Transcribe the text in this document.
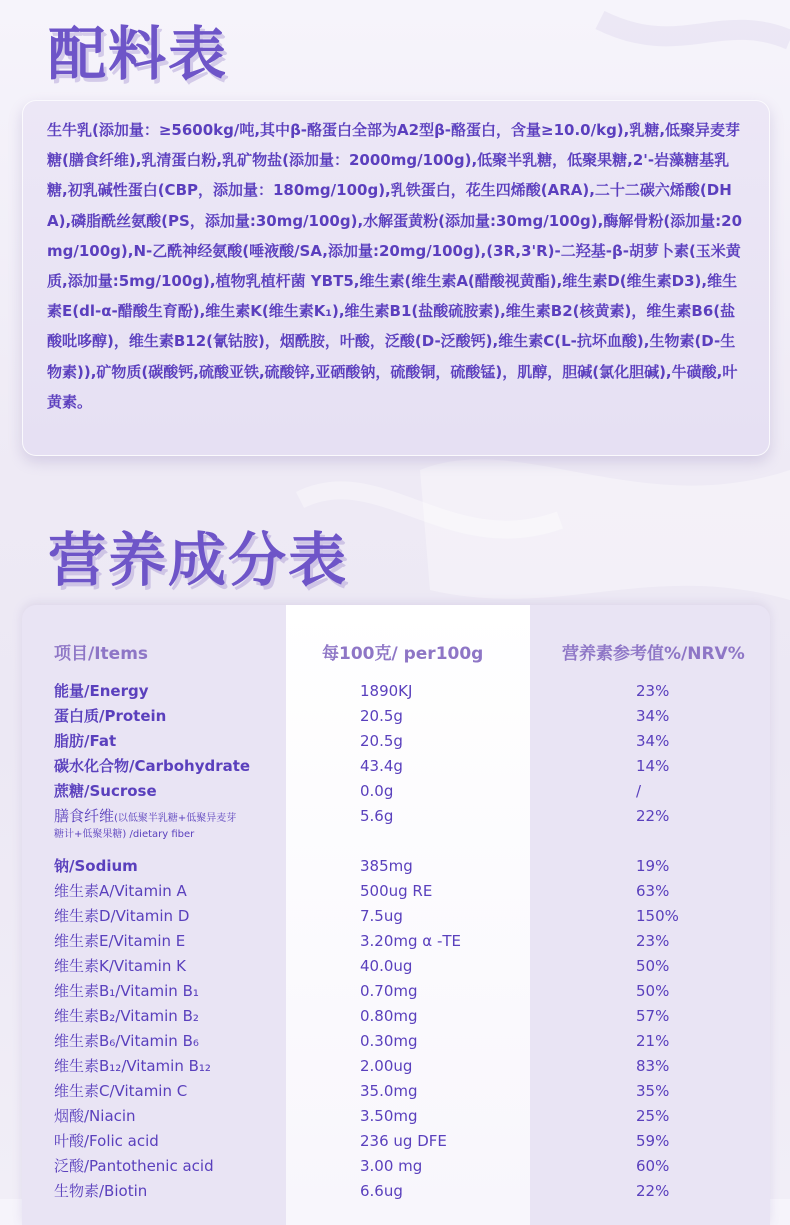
配料表

生牛乳(添加量：≥5600kg/吨,其中β-酪蛋白全部为A2型β-酪蛋白，含量≥10.0/kg),乳糖,低聚异麦芽糖(膳食纤维),乳清蛋白粉,乳矿物盐(添加量：2000mg/100g),低聚半乳糖，低聚果糖,2'-岩藻糖基乳糖,初乳碱性蛋白(CBP，添加量：180mg/100g),乳铁蛋白，花生四烯酸(ARA),二十二碳六烯酸(DHA),磷脂酰丝氨酸(PS，添加量:30mg/100g),水解蛋黄粉(添加量:30mg/100g),酶解骨粉(添加量:20mg/100g),N-乙酰神经氨酸(唾液酸/SA,添加量:20mg/100g),(3R,3'R)-二羟基-β-胡萝卜素(玉米黄质,添加量:5mg/100g),植物乳植杆菌 YBT5,维生素(维生素A(醋酸视黄酯),维生素D(维生素D3),维生素E(dl-α-醋酸生育酚),维生素K(维生素K₁),维生素B1(盐酸硫胺素),维生素B2(核黄素)，维生素B6(盐酸吡哆醇)，维生素B12(氰钴胺)，烟酰胺，叶酸，泛酸(D-泛酸钙),维生素C(L-抗坏血酸),生物素(D-生物素)),矿物质(碳酸钙,硫酸亚铁,硫酸锌,亚硒酸钠，硫酸铜，硫酸锰)，肌醇，胆碱(氯化胆碱),牛磺酸,叶黄素。

营养成分表
项目/Items	每100克/ per100g	营养素参考值%/NRV%
能量/Energy	1890KJ	23%
蛋白质/Protein	20.5g	34%
脂肪/Fat	20.5g	34%
碳水化合物/Carbohydrate	43.4g	14%
蔗糖/Sucrose	0.0g	/
膳食纤维(以低聚半乳糖+低聚异麦芽
糖计+低聚果糖) /dietary fiber
5.6g	22%
钠/Sodium	385mg	19%
维生素A/Vitamin A	500ug RE	63%
维生素D/Vitamin D	7.5ug	150%
维生素E/Vitamin E	3.20mg α -TE	23%
维生素K/Vitamin K	40.0ug	50%
维生素B₁/Vitamin B₁	0.70mg	50%
维生素B₂/Vitamin B₂	0.80mg	57%
维生素B₆/Vitamin B₆	0.30mg	21%
维生素B₁₂/Vitamin B₁₂	2.00ug	83%
维生素C/Vitamin C	35.0mg	35%
烟酸/Niacin	3.50mg	25%
叶酸/Folic acid	236 ug DFE	59%
泛酸/Pantothenic acid	3.00 mg	60%
生物素/Biotin	6.6ug	22%
